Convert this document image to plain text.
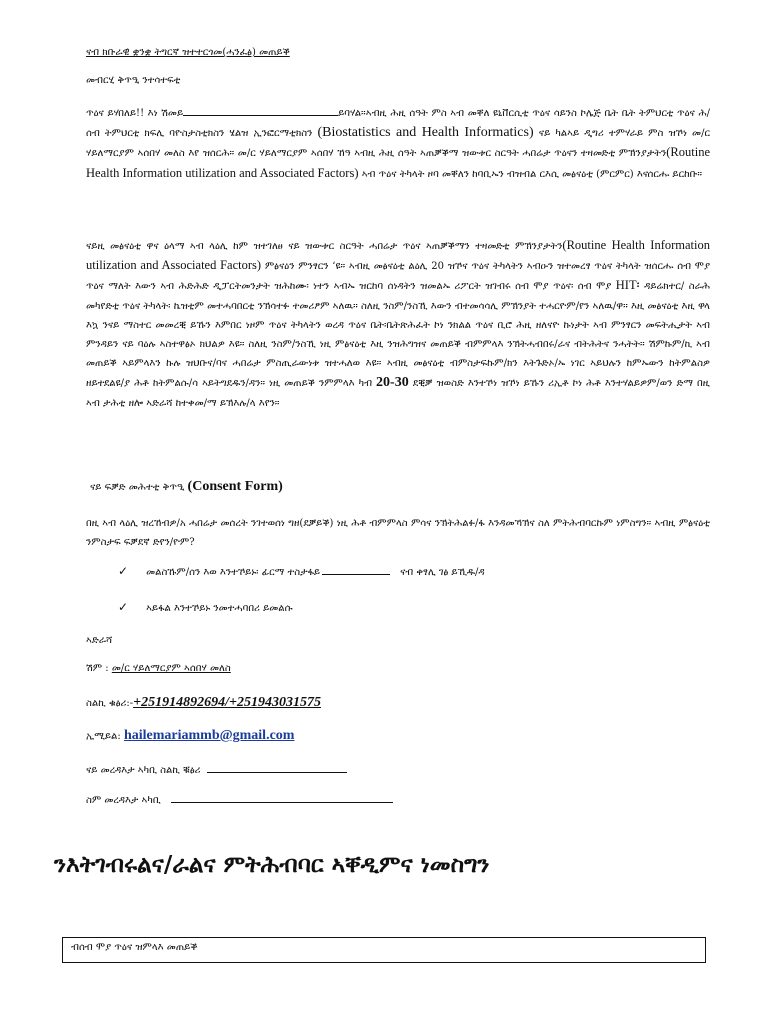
ናብ ክቡራዊ ቋንቋ ትግርኛ ዝተተርጎመ(ሓንፈፅ) መጠይቕ
መብርሂ ቅጥዒ ንተሳተፍቲ
ጥዕና ይሃበለይ!! እነ ሽመይ	ይባሃል።ኣብዚ ሕዚ ሰዓት ምስ ኣብ መቐለ ዩኒቨርሲቲ ጥዕና ሳይንስ ኮሌጅ ቤት ቤት ትምህርቲ ጥዕና ሕ/ሰብ ትምህርቲ ክፍሊ ባዮስታስቲክስን ሄልዝ ኢንፎርማቲክስን (Biostatistics and Health Informatics) ናይ ካልኣይ ዲግሪ ተምሃራይ ምስ ዝኾነ መ/ር ሃይለማርያም ኣሰበሃ መለስ እየ ዝሰርሕ። መ/ር ሃይለማርያም ኣሰበሃ ኸዓ ኣብዚ ሕዚ ሰዓት ኣጠቓቕማ ዝውቱር ስርዓት ሓበሬታ ጥዕናን ተዛመድቲ ምኽንያታትን(Routine Health Information utilization and Associated Factors) ኣብ ጥዕና ትካላት ዞባ መቐለን ከባቢኡን ብዝብል ርእሲ መፅናዕቲ (ምርምር) እናሰርሑ ይርከቡ።
ናይዚ መፅናዕቲ ዋና ዕላማ ኣብ ላዕሊ ከም ዝተገለፀ ናይ ዝውቱር ስርዓት ሓበሬታ ጥዕና ኣጠቓቕማን ተዛመድቲ ምኽንያታትን(Routine Health Information utilization and Associated Factors) ምፅናዕን ምንፃርን ‘ዩ። ኣብዚ መፅናዕቲ ልዕሊ 20 ዝኾና ጥዕና ትካላትን ኣብዑን ዝተመረፃ ጥዕና ትካላት ዝሰርሑ ሰብ ሞያ ጥዕና ማለት እውን ኣብ ሕድሕድ ዲፓርትመንታት ዝሕከሙ፡ ነተን ኣብኡ ዝርከባ ሰነዳትን ዝመልኡ ሪፖርት ዝገብሩ ሰብ ሞያ ጥዕና፡ ሰብ ሞያ HIT፡ ዳይሬክተር/ ስራሕ መካየድቲ ጥዕና ትካላት፡ ኬዝቲም መተሓባበርቲ ንኽሳተፉ ተመሪፆም ኣለዉ። ስለዚ ንስም/ንስኺ እውን ብተመሳሳሊ ምኽንያት ተሓርዮም/የን ኣለዉ/ዋ። እዚ መፅናዕቲ እዚ ዋላ እኳ ንናይ ማስተር መመረቒ ይኹን እምበር ነዞም ጥዕና ትካላትን ወረዳ ጥዕና ቤት፡ቤትጽሕፈት ኮነ ንክልል ጥዕና ቢሮ ሕዚ ዘለናዮ ኩነታት ኣብ ምንፃርን መፍትሒታት ኣብ ምንዳይን ናይ ባዕሉ ኣስተዋፅኦ ክህልዎ እዩ። ስለዚ ንስም/ንስኺ ነዚ ምፅናዕቲ እዚ ንዝሕግዝና መጠይቕ ብምምላእ ንኽትሓብበሩ/ራና ብትሕትና ንሓትት። ሽምኩም/ኪ ኣብ መጠይቕ ኣይምላእን ኩሉ ዝህቡና/ባና ሓበሬታ ምስጢራውነቱ ዝተሓለወ እዩ። ኣብዚ መፅናዕቲ ብምስታፍኩም/ክን እትጉድኦ/ኡ ነገር ኣይህሉን ከምኡውን ከትምልስዎ ዘይተደልዩ/ያ ሕቶ ከትምልሱ/ሳ ኣይትግደዱን/ዳን። ነዚ መጠይቕ ንምምላእ ካብ 20-30 ደቒቓ ዝወስድ እንተኾነ ዝኾነ ይኹን ሪኢቶ ኮነ ሕቶ እንተሃልይዎም/ወን ድማ በዚ ኣብ ታሕቲ ዘሎ ኣድራሻ ከተቀመ/ማ ይኽእሉ/ላ እየን።
ናይ ፍቓድ መሕተቲ ቅጥዒ (Consent Form)
በዚ ኣብ ላዕሊ ዝረኸብዎ/አ ሓበሬታ መሰረት ንገተወሰነ ግዘ(ደቓይቕ) ነዚ ሕቶ ብምምላስ ምሳና ንኽትሕልፉ/ፋ እንዳመኻኽና ስለ ምትሕብባርኩም ነምስግን። ኣብዚ ምፅናዕቲ ንምስታፍ ፍቓደኛ ድየን/ዮም?
✓ መልስኹም/ሰን እወ እንተኾይኑ፡ ፊርማ ተስታፋይ	ናብ ቀፃሊ ገፅ ይኺዱ/ዳ
✓ ኣይፋል እንተኾይኑ ንመተሓባበሪ ይመልሱ
ኣድራሻ
ሽም : መ/ር ሃይለማርያም ኣሰበሃ መለስ
ስልኪ ቁፅሪ:-+251914892694/+251943031575
ኢሚይል: hailemariammb@gmail.com
ናይ መረዳእታ ኣካቢ ስልኪ ቑፅሪ
ስም መረዳእታ ኣካቢ
ንእትገብሩልና/ራልና ምትሕብባር ኣቐዲምና ነመስግን
ብሰብ ሞያ ጥዕና ዝምላእ መጠይቕ
